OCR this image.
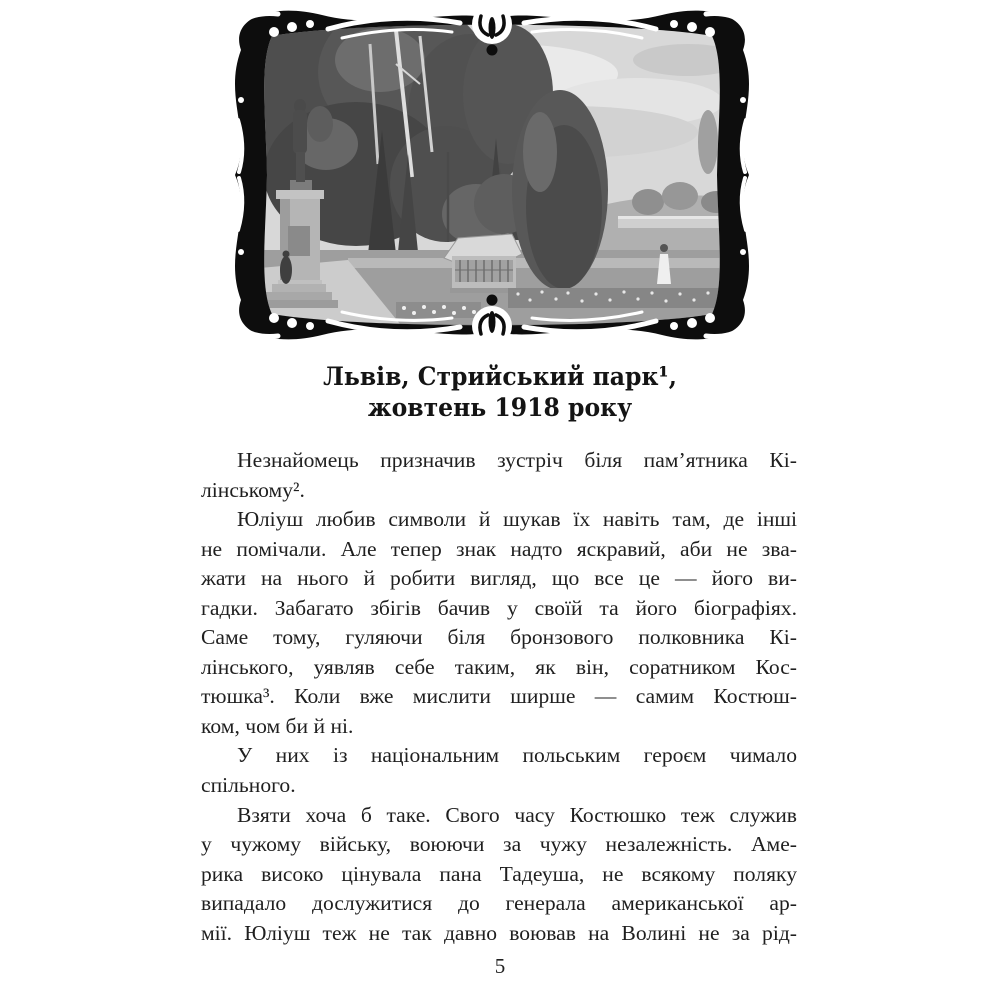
Львів, Стрийський парк¹,
жовтень 1918 року
Незнайомець призначив зустріч біля пам’ятника Кі-
лінському².
Юліуш любив символи й шукав їх навіть там, де інші
не помічали. Але тепер знак надто яскравий, аби не зва-
жати на нього й робити вигляд, що все це — його ви-
гадки. Забагато збігів бачив у своїй та його біографіях.
Саме тому, гуляючи біля бронзового полковника Кі-
лінського, уявляв себе таким, як він, соратником Кос-
тюшка³. Коли вже мислити ширше — самим Костюш-
ком, чом би й ні.
У них із національним польським героєм чимало
спільного.
Взяти хоча б таке. Свого часу Костюшко теж служив
у чужому війську, воюючи за чужу незалежність. Аме-
рика високо цінувала пана Тадеуша, не всякому поляку
випадало дослужитися до генерала американської ар-
мії. Юліуш теж не так давно воював на Волині не за рід-
5
